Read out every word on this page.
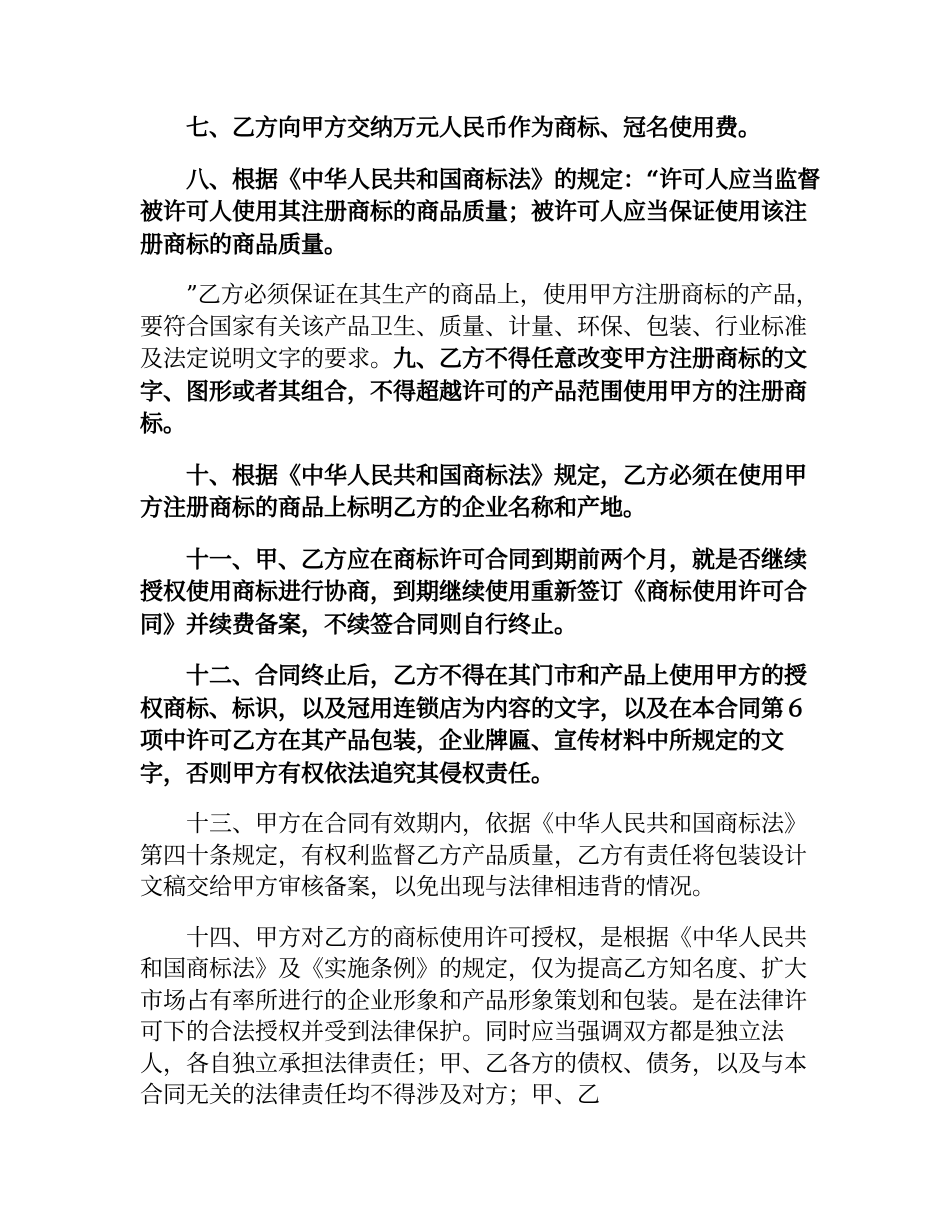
七、乙方向甲方交纳万元人民币作为商标、冠名使用费。

八、根据《中华人民共和国商标法》的规定：“许可人应当监督被许可人使用其注册商标的商品质量；被许可人应当保证使用该注册商标的商品质量。

”乙方必须保证在其生产的商品上，使用甲方注册商标的产品，要符合国家有关该产品卫生、质量、计量、环保、包装、行业标准及法定说明文字的要求。九、乙方不得任意改变甲方注册商标的文字、图形或者其组合，不得超越许可的产品范围使用甲方的注册商标。

十、根据《中华人民共和国商标法》规定，乙方必须在使用甲方注册商标的商品上标明乙方的企业名称和产地。

十一、甲、乙方应在商标许可合同到期前两个月，就是否继续授权使用商标进行协商，到期继续使用重新签订《商标使用许可合同》并续费备案，不续签合同则自行终止。

十二、合同终止后，乙方不得在其门市和产品上使用甲方的授权商标、标识，以及冠用连锁店为内容的文字，以及在本合同第６项中许可乙方在其产品包装，企业牌匾、宣传材料中所规定的文字，否则甲方有权依法追究其侵权责任。

十三、甲方在合同有效期内，依据《中华人民共和国商标法》第四十条规定，有权利监督乙方产品质量，乙方有责任将包装设计文稿交给甲方审核备案，以免出现与法律相违背的情况。

十四、甲方对乙方的商标使用许可授权，是根据《中华人民共和国商标法》及《实施条例》的规定，仅为提高乙方知名度、扩大市场占有率所进行的企业形象和产品形象策划和包装。是在法律许可下的合法授权并受到法律保护。同时应当强调双方都是独立法人，各自独立承担法律责任；甲、乙各方的债权、债务，以及与本合同无关的法律责任均不得涉及对方；甲、乙
